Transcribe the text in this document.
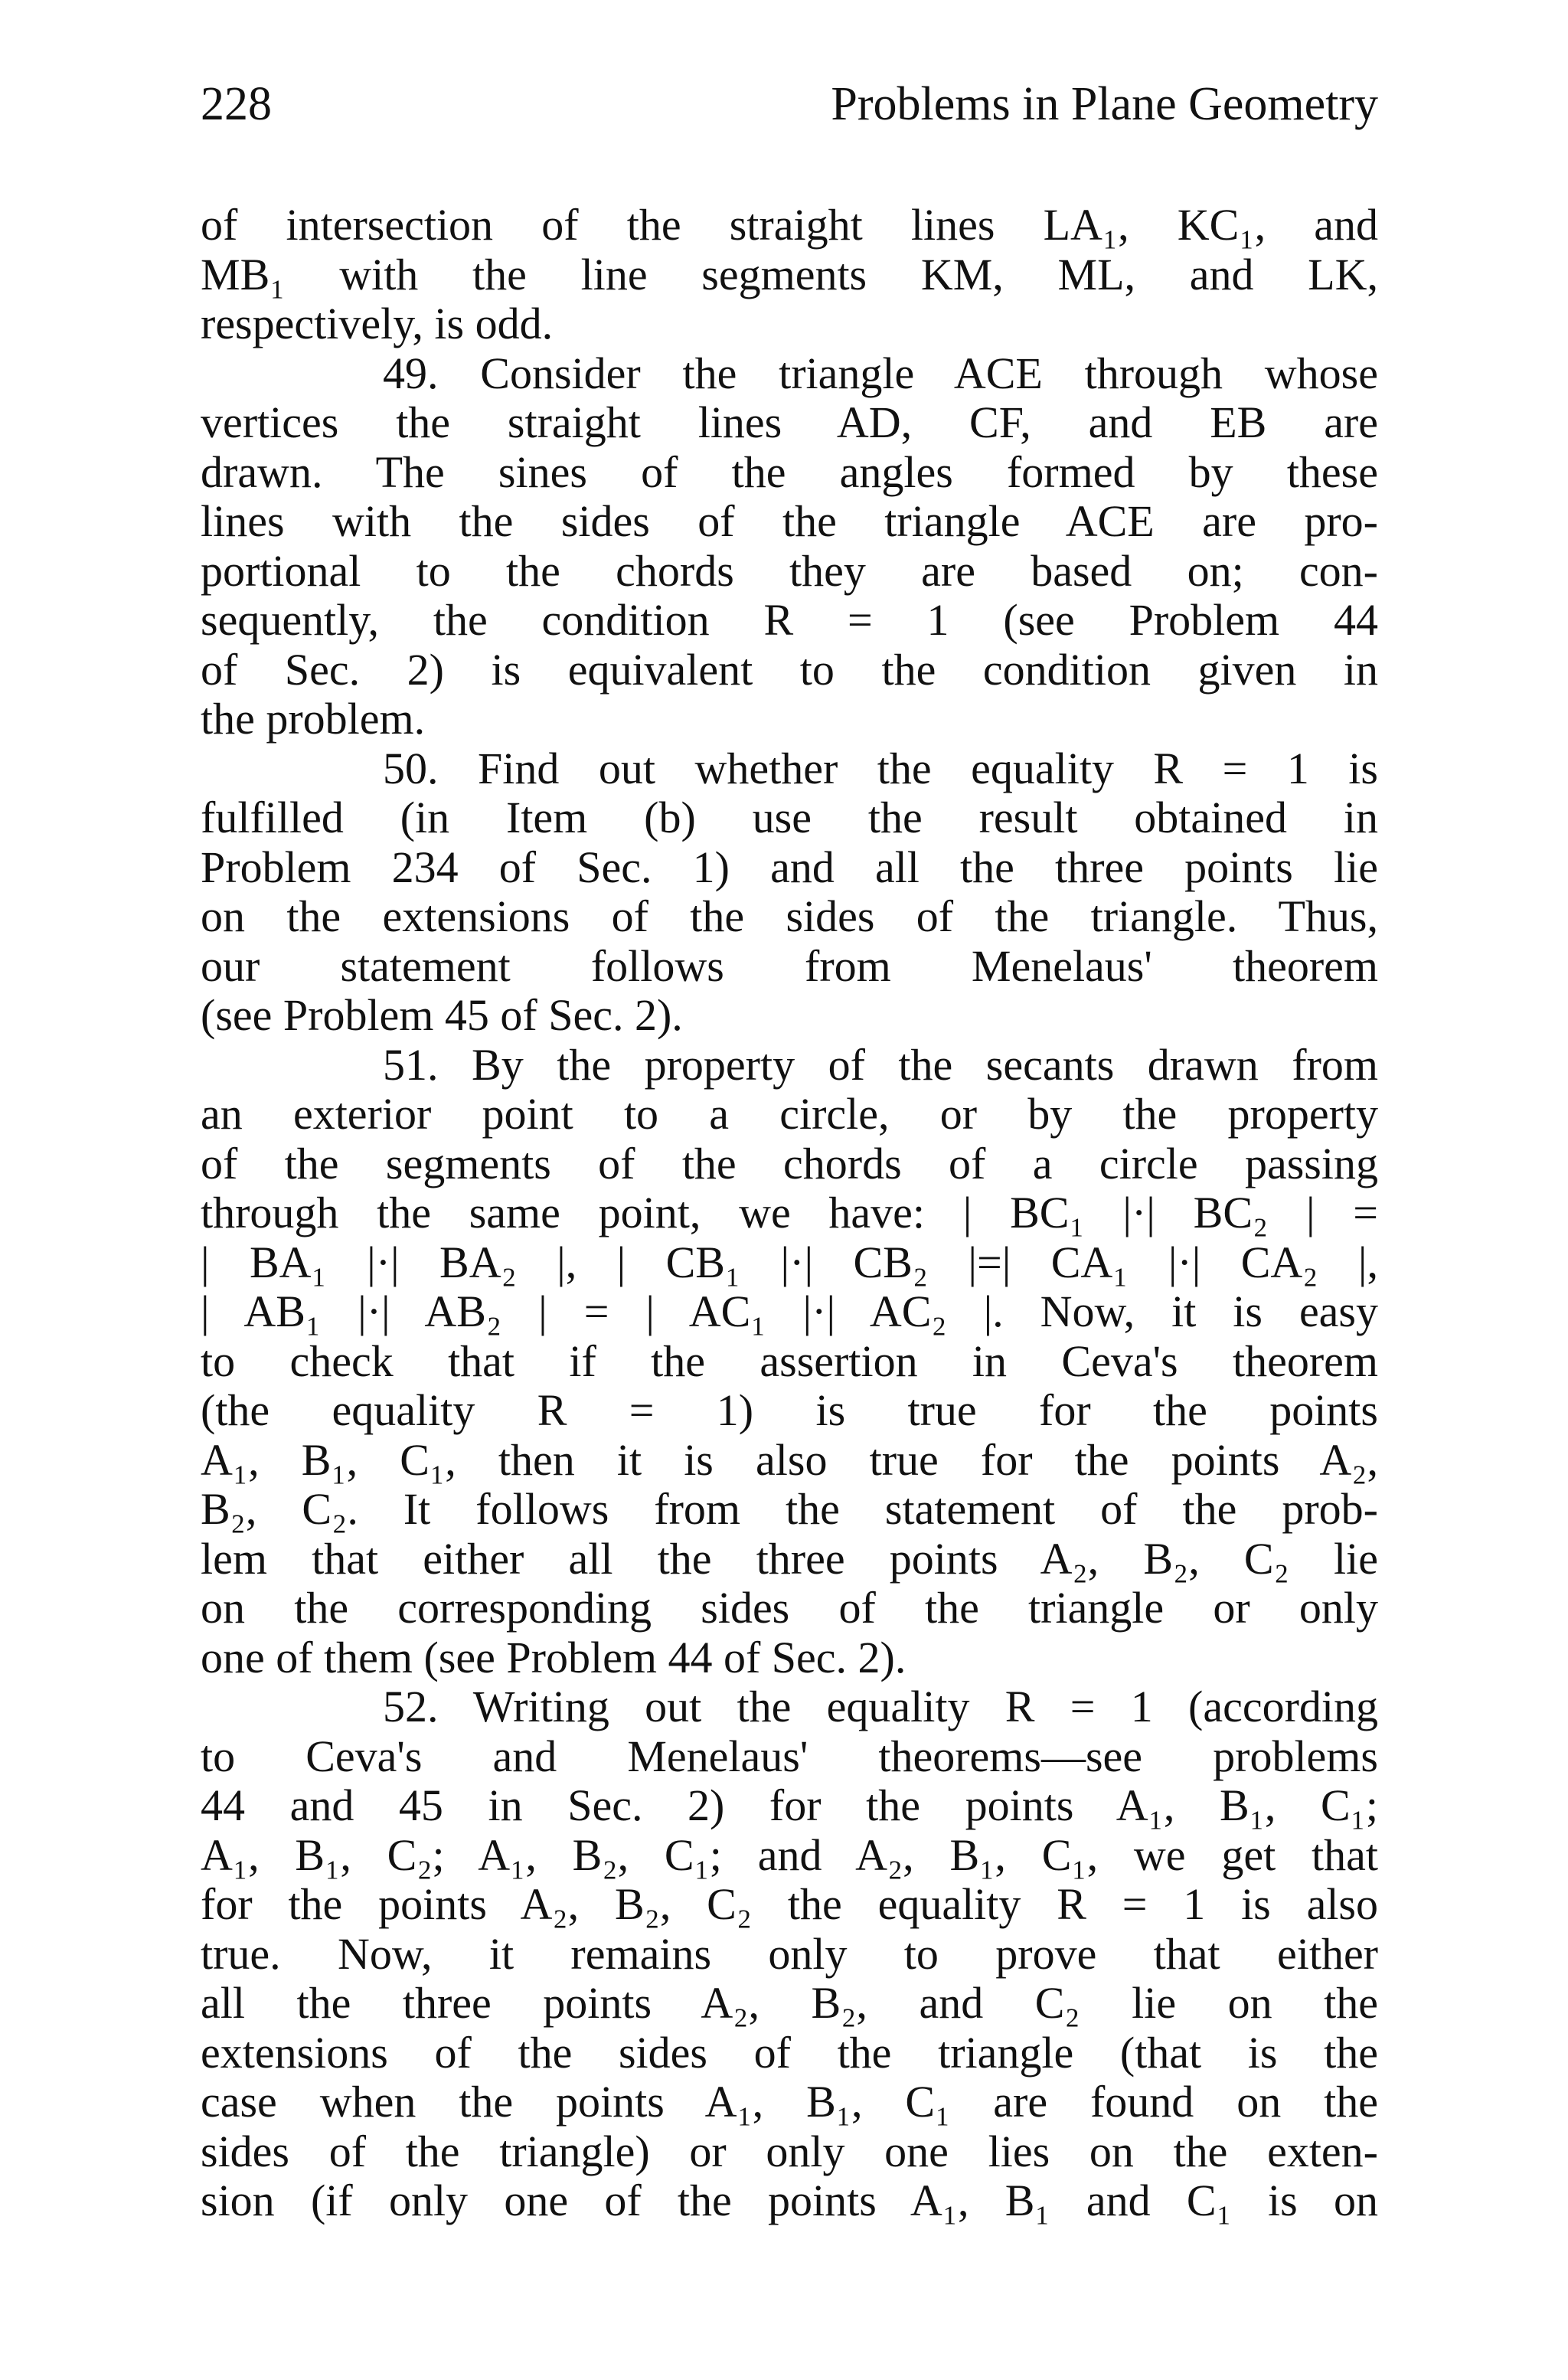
228	Problems in Plane Geometry
of intersection of the straight lines LA₁, KC₁, and
MB₁ with the line segments KM, ML, and LK,
respectively, is odd.
49. Consider the triangle ACE through whose
vertices the straight lines AD, CF, and EB are
drawn. The sines of the angles formed by these
lines with the sides of the triangle ACE are pro-
portional to the chords they are based on; con-
sequently, the condition R = 1 (see Problem 44
of Sec. 2) is equivalent to the condition given in
the problem.
50. Find out whether the equality R = 1 is
fulfilled (in Item (b) use the result obtained in
Problem 234 of Sec. 1) and all the three points lie
on the extensions of the sides of the triangle. Thus,
our statement follows from Menelaus' theorem
(see Problem 45 of Sec. 2).
51. By the property of the secants drawn from
an exterior point to a circle, or by the property
of the segments of the chords of a circle passing
through the same point, we have: | BC₁ |·| BC₂ | =
| BA₁ |·| BA₂ |, | CB₁ |·| CB₂ |=| CA₁ |·| CA₂ |,
| AB₁ |·| AB₂ | = | AC₁ |·| AC₂ |. Now, it is easy
to check that if the assertion in Ceva's theorem
(the equality R = 1) is true for the points
A₁, B₁, C₁, then it is also true for the points A₂,
B₂, C₂. It follows from the statement of the prob-
lem that either all the three points A₂, B₂, C₂ lie
on the corresponding sides of the triangle or only
one of them (see Problem 44 of Sec. 2).
52. Writing out the equality R = 1 (according
to Ceva's and Menelaus' theorems—see problems
44 and 45 in Sec. 2) for the points A₁, B₁, C₁;
A₁, B₁, C₂; A₁, B₂, C₁; and A₂, B₁, C₁, we get that
for the points A₂, B₂, C₂ the equality R = 1 is also
true. Now, it remains only to prove that either
all the three points A₂, B₂, and C₂ lie on the
extensions of the sides of the triangle (that is the
case when the points A₁, B₁, C₁ are found on the
sides of the triangle) or only one lies on the exten-
sion (if only one of the points A₁, B₁ and C₁ is on
